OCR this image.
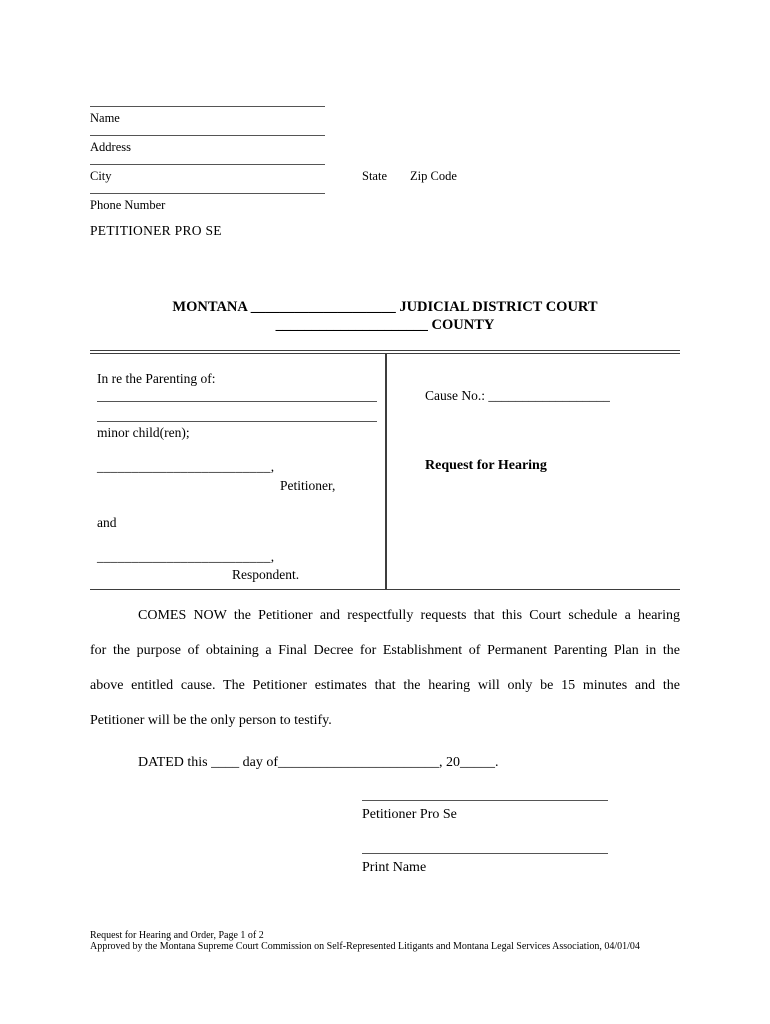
Name
Address
City	State Zip Code
Phone Number
PETITIONER PRO SE
MONTANA ____________________ JUDICIAL DISTRICT COURT
_____________________ COUNTY

In re the Parenting of:

minor child(ren);

_________________________,

Petitioner,

and

_________________________,

Respondent.

Cause No.: __________________

Request for Hearing

COMES NOW the Petitioner and respectfully requests that this Court schedule a hearing
for the purpose of obtaining a Final Decree for Establishment of Permanent Parenting Plan in the
above entitled cause. The Petitioner estimates that the hearing will only be 15 minutes and the
Petitioner will be the only person to testify.
DATED this ____ day of_______________________, 20_____.
Petitioner Pro Se
Print Name
Request for Hearing and Order, Page 1 of 2
Approved by the Montana Supreme Court Commission on Self-Represented Litigants and Montana Legal Services Association, 04/01/04
